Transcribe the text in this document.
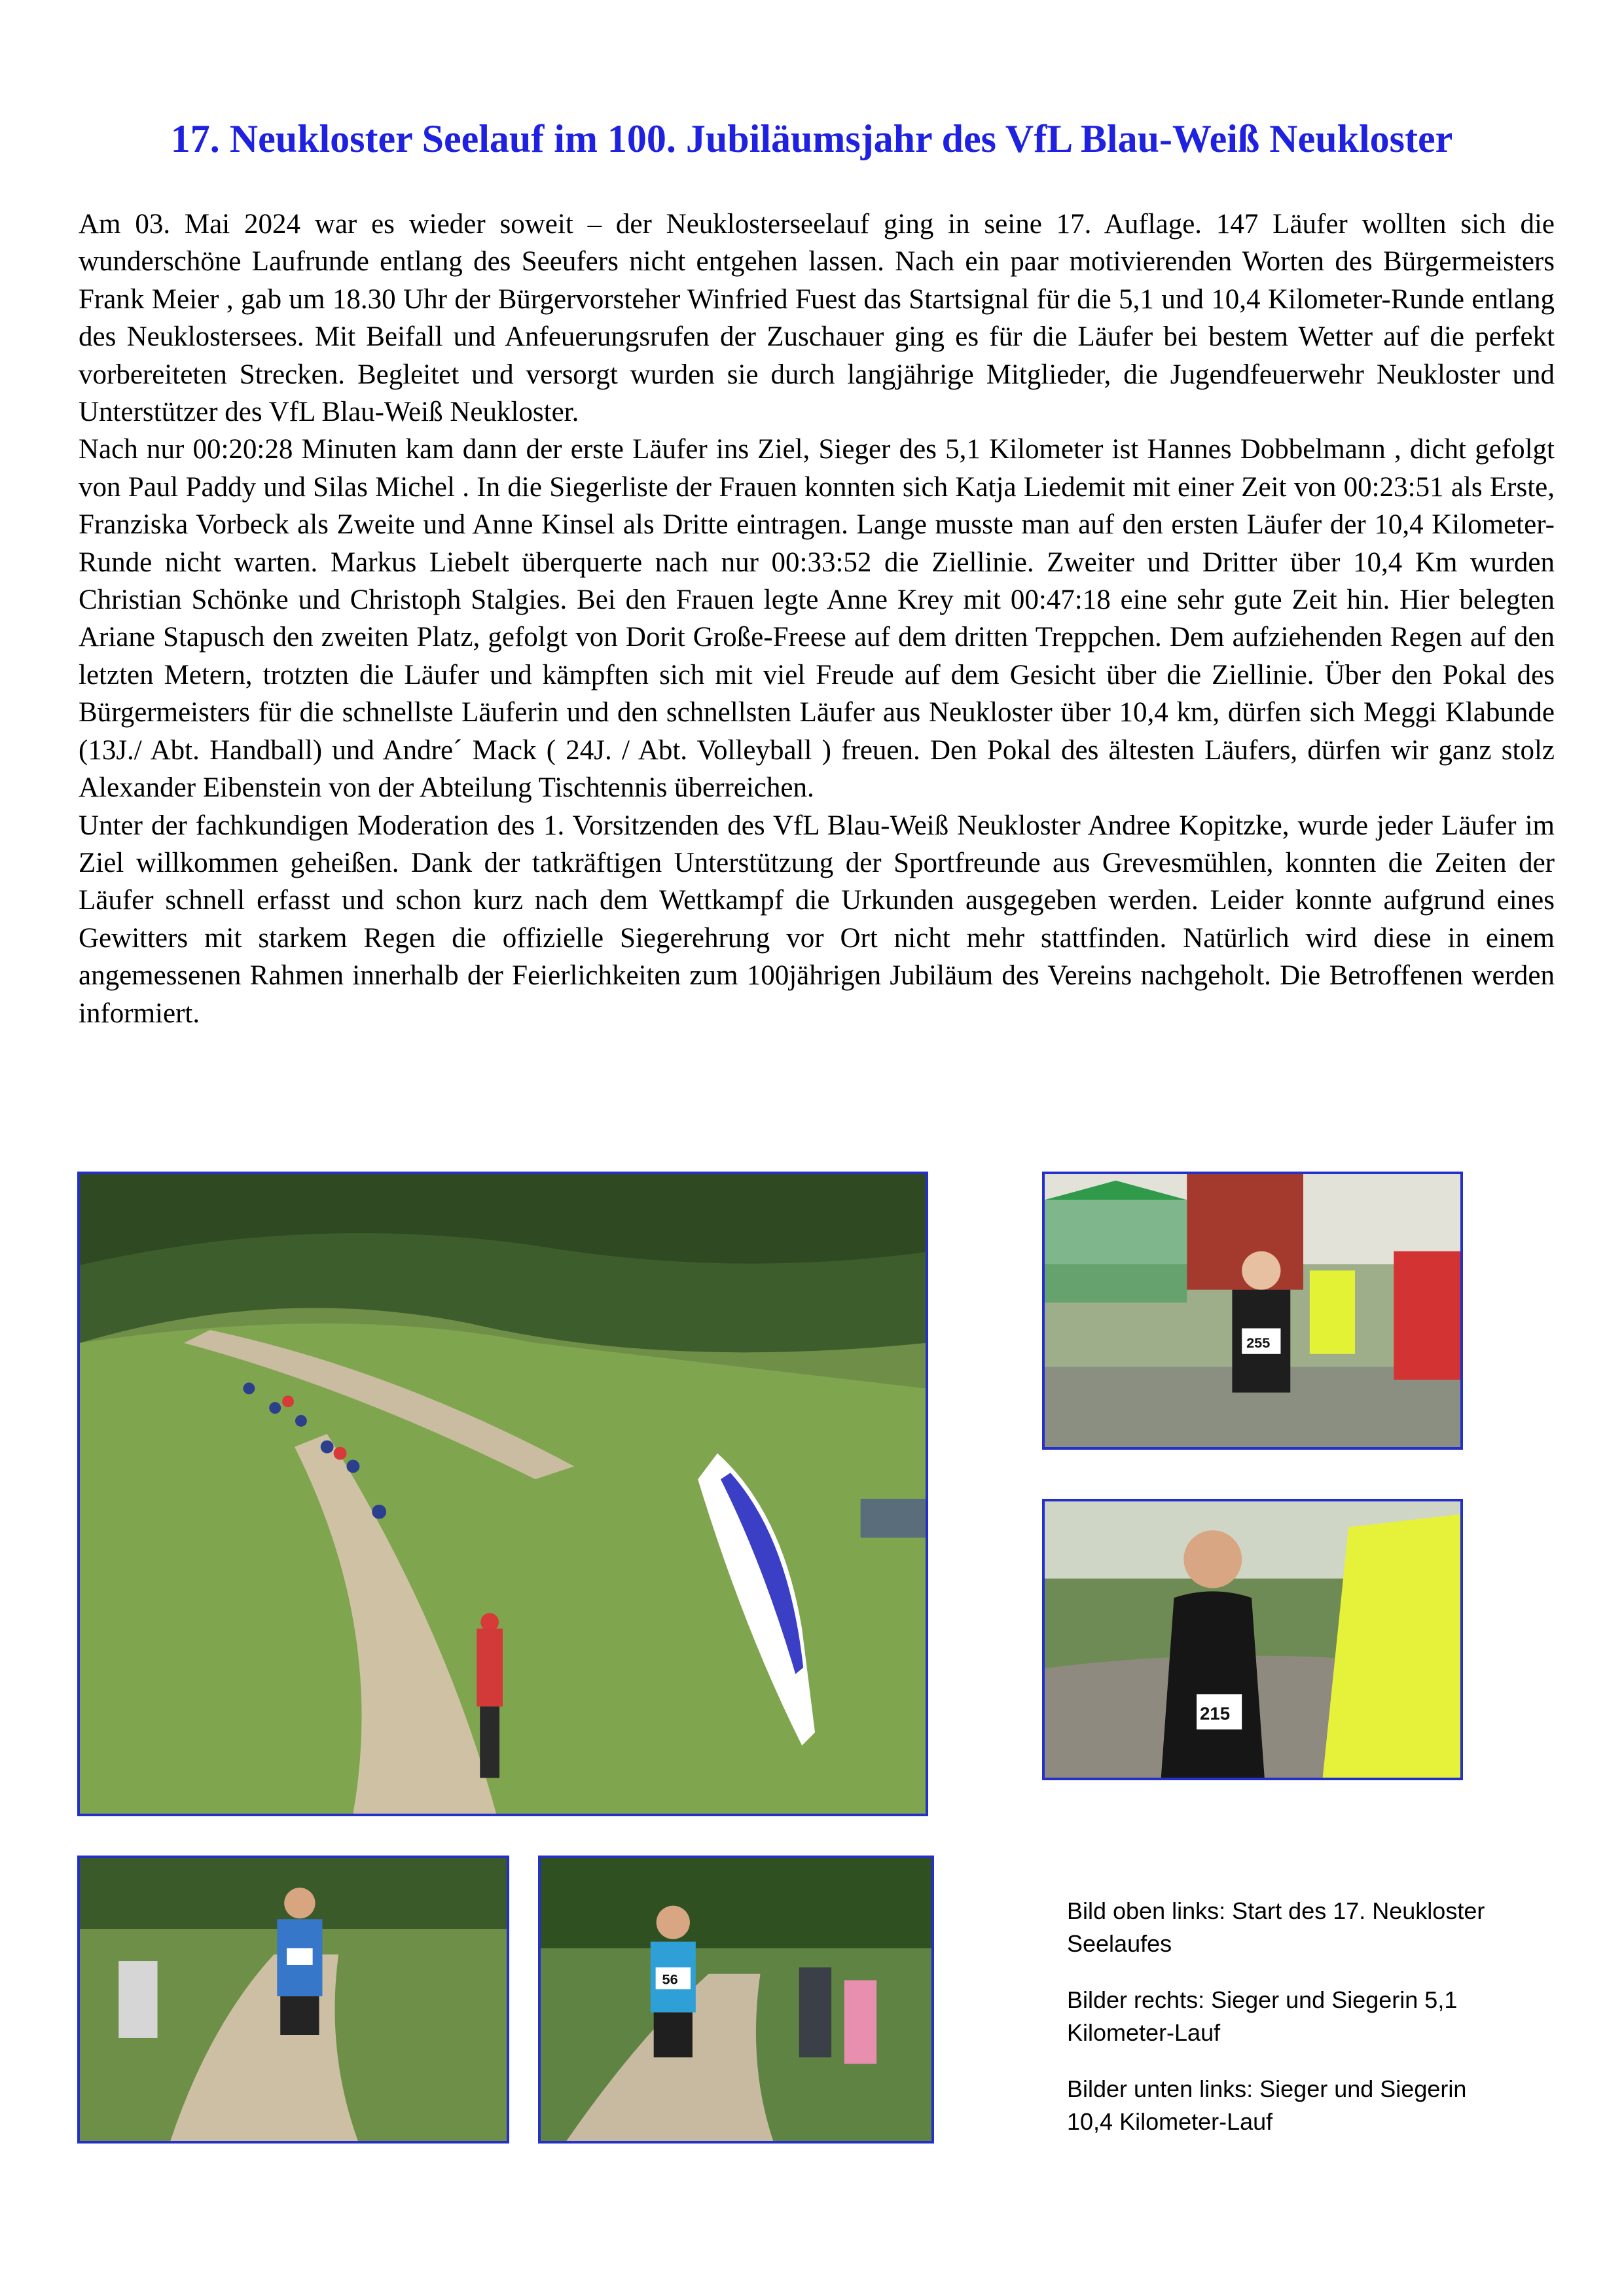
17. Neukloster Seelauf im 100. Jubiläumsjahr des VfL Blau-Weiß Neukloster

Am 03. Mai 2024 war es wieder soweit – der Neuklosterseelauf ging in seine 17. Auflage. 147 Läufer wollten sich die wunderschöne Laufrunde entlang des Seeufers nicht entgehen lassen. Nach ein paar motivierenden Worten des Bürgermeisters Frank Meier , gab um 18.30 Uhr der Bürgervorsteher Winfried Fuest das Startsignal für die 5,1 und 10,4 Kilometer-Runde entlang des Neuklostersees. Mit Beifall und Anfeuerungsrufen der Zuschauer ging es für die Läufer bei bestem Wetter auf die perfekt vorbereiteten Strecken. Begleitet und versorgt wurden sie durch langjährige Mitglieder, die Jugendfeuerwehr Neukloster und Unterstützer des VfL Blau-Weiß Neukloster.

Nach nur 00:20:28 Minuten kam dann der erste Läufer ins Ziel, Sieger des 5,1 Kilometer ist Hannes Dobbelmann , dicht gefolgt von Paul Paddy und Silas Michel . In die Siegerliste der Frauen konnten sich Katja Liedemit mit einer Zeit von 00:23:51 als Erste, Franziska Vorbeck als Zweite und Anne Kinsel als Dritte eintragen. Lange musste man auf den ersten Läufer der 10,4 Kilometer-Runde nicht warten. Markus Liebelt überquerte nach nur 00:33:52 die Ziellinie. Zweiter und Dritter über 10,4 Km wurden Christian Schönke und Christoph Stalgies. Bei den Frauen legte Anne Krey mit 00:47:18 eine sehr gute Zeit hin. Hier belegten Ariane Stapusch den zweiten Platz, gefolgt von Dorit Große-Freese auf dem dritten Treppchen. Dem aufziehenden Regen auf den letzten Metern, trotzten die Läufer und kämpften sich mit viel Freude auf dem Gesicht über die Ziellinie. Über den Pokal des Bürgermeisters für die schnellste Läuferin und den schnellsten Läufer aus Neukloster über 10,4 km, dürfen sich Meggi Klabunde (13J./ Abt. Handball) und Andre´ Mack ( 24J. / Abt. Volleyball ) freuen. Den Pokal des ältesten Läufers, dürfen wir ganz stolz Alexander Eibenstein von der Abteilung Tischtennis überreichen.

Unter der fachkundigen Moderation des 1. Vorsitzenden des VfL Blau-Weiß Neukloster Andree Kopitzke, wurde jeder Läufer im Ziel willkommen geheißen. Dank der tatkräftigen Unterstützung der Sportfreunde aus Grevesmühlen, konnten die Zeiten der Läufer schnell erfasst und schon kurz nach dem Wettkampf die Urkunden ausgegeben werden. Leider konnte aufgrund eines Gewitters mit starkem Regen die offizielle Siegerehrung vor Ort nicht mehr stattfinden. Natürlich wird diese in einem angemessenen Rahmen innerhalb der Feierlichkeiten zum 100jährigen Jubiläum des Vereins nachgeholt. Die Betroffenen werden informiert.

255
215
56

Bild oben links: Start des 17. Neukloster Seelaufes

Bilder rechts: Sieger und Siegerin 5,1 Kilometer-Lauf

Bilder unten links: Sieger und Siegerin 10,4 Kilometer-Lauf
